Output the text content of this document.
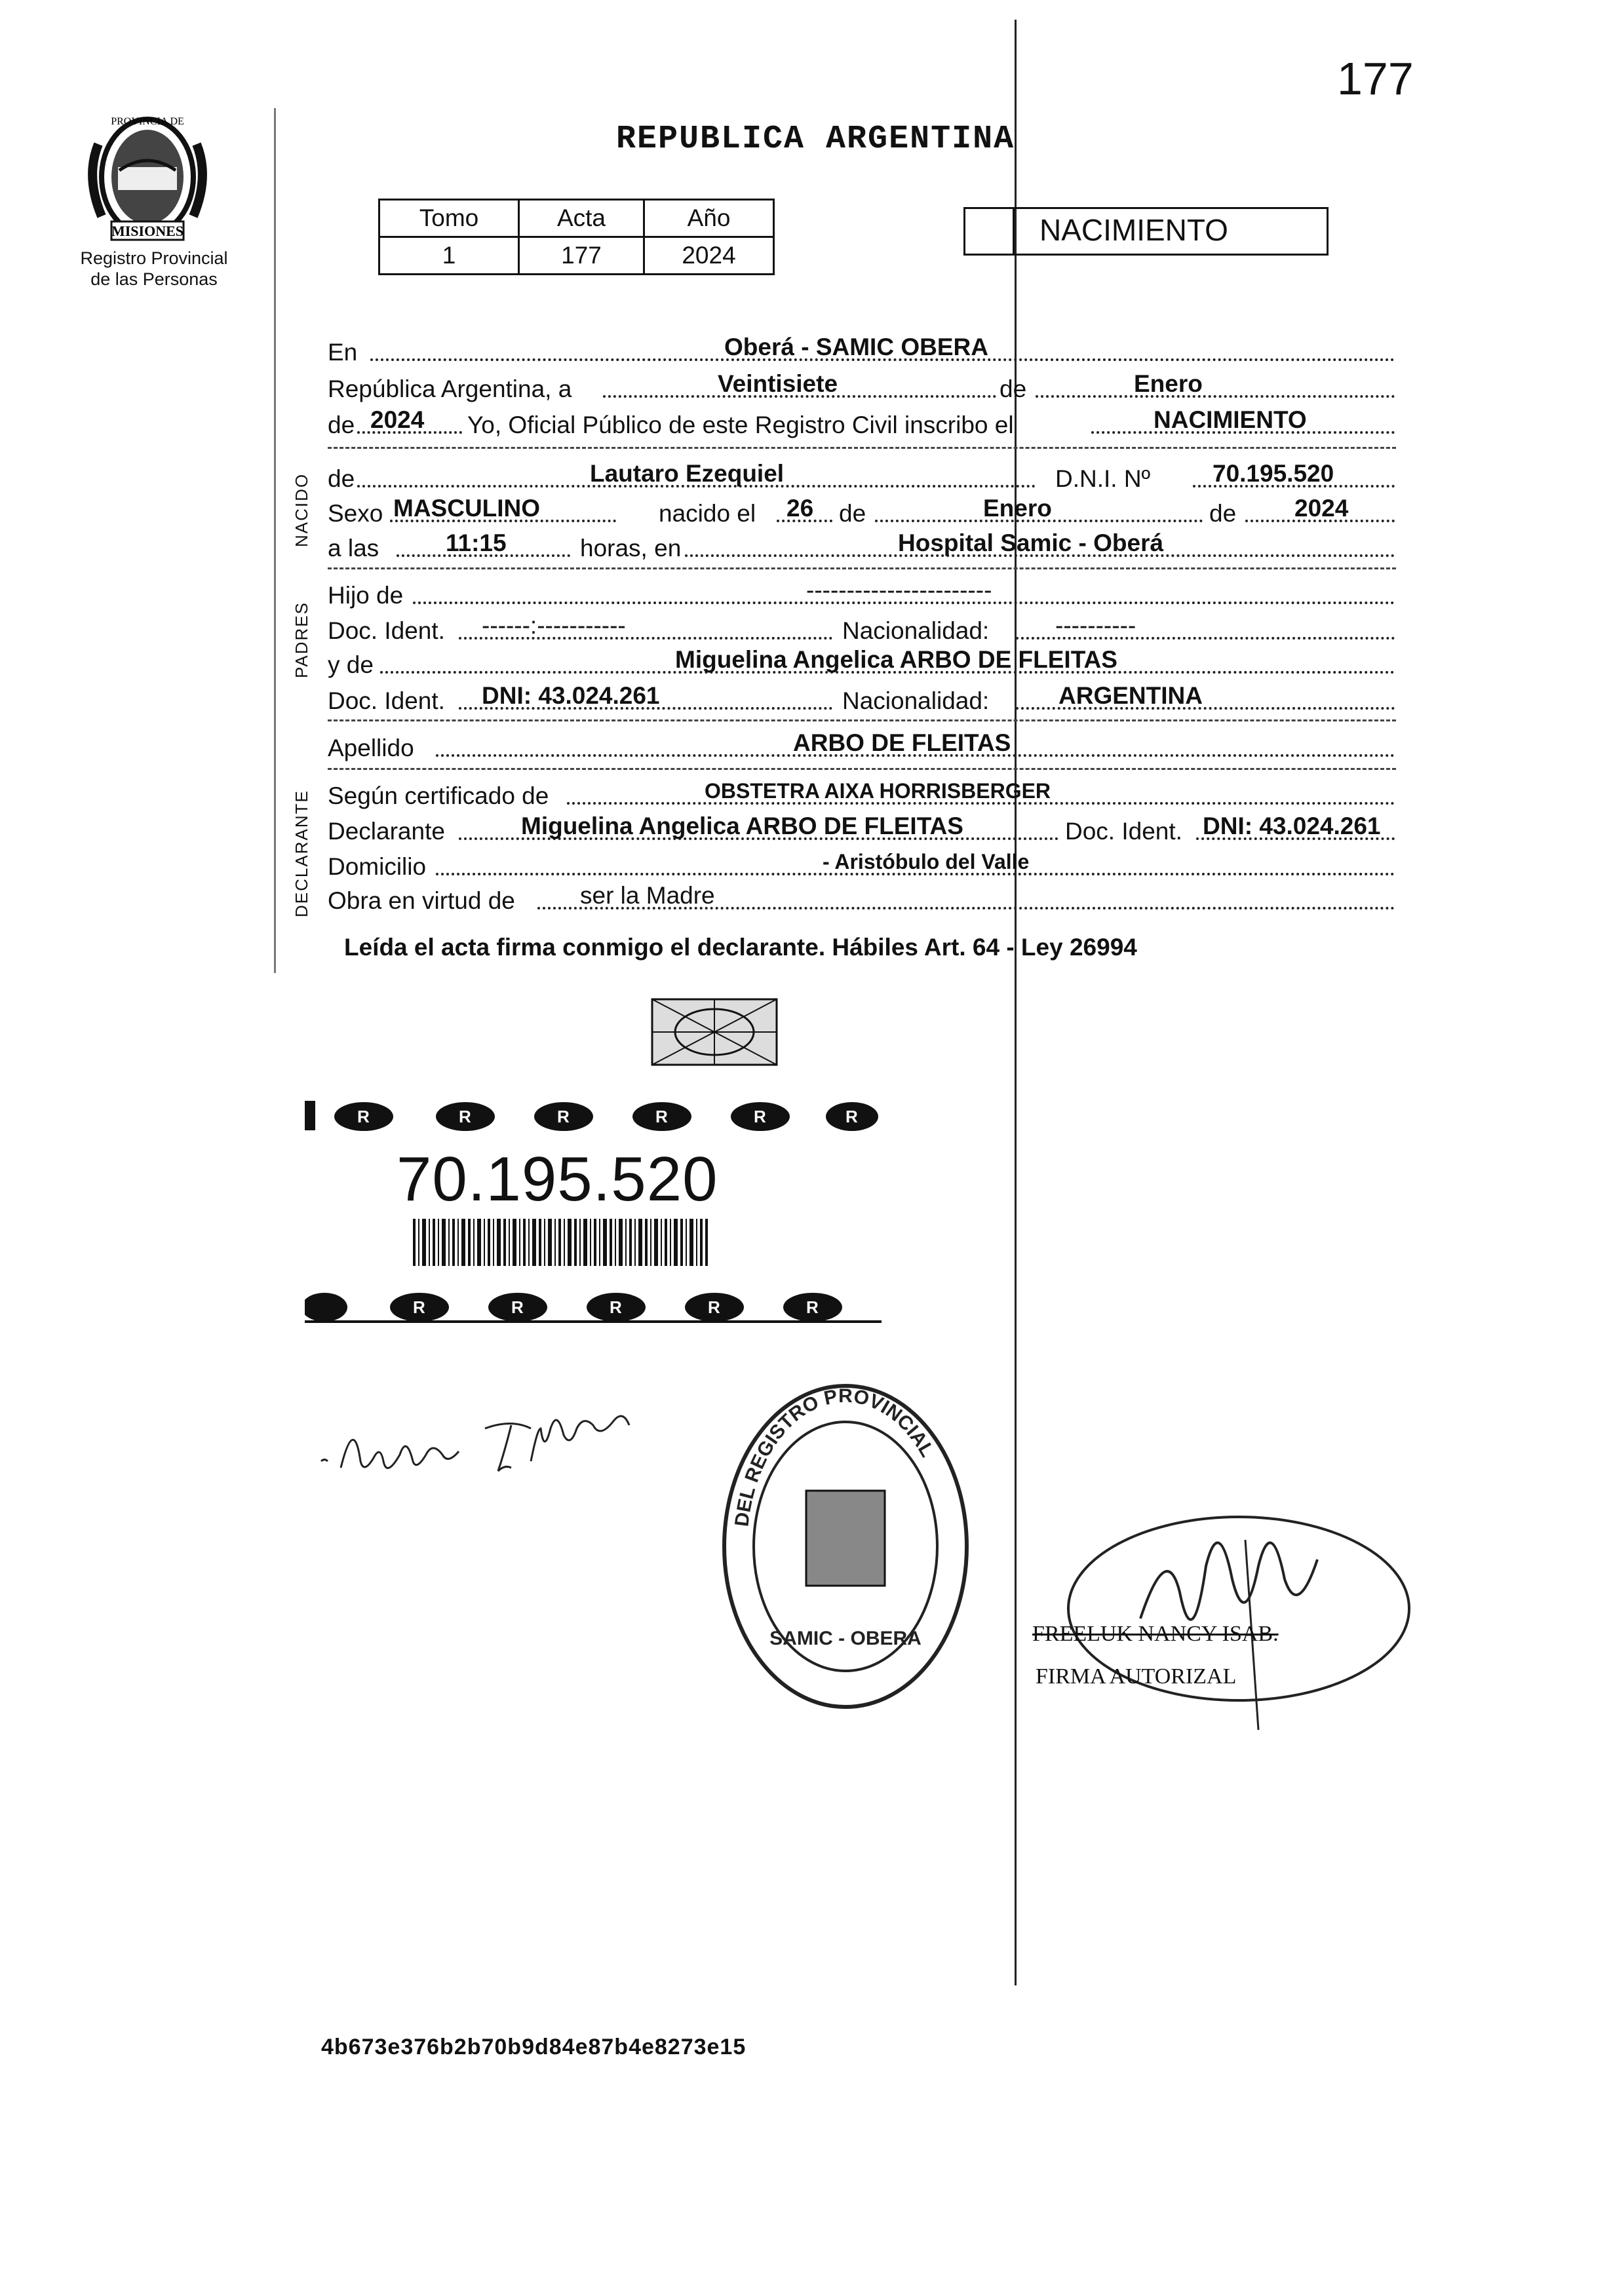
MISIONES
PROVINCIA DE
Registro Provincial
de las Personas
177
REPUBLICA ARGENTINA
Tomo	Acta	Año
1	177	2024
NACIMIENTO
En	Oberá - SAMIC OBERA
República Argentina, a	Veintisiete	de	Enero
de 2024 Yo, Oficial Público de este Registro Civil inscribo el	NACIMIENTO
NACIDO de	Lautaro Ezequiel	D.N.I. Nº	70.195.520
Sexo MASCULINO	nacido el 26 de	Enero	de 2024
a las	11:15	horas, en	Hospital Samic - Oberá
PADRES
Hijo de	-----------------------
Doc. Ident. ------:-----------	Nacionalidad:	----------
y de	Miguelina Angelica ARBO DE FLEITAS
Doc. Ident. DNI: 43.024.261	Nacionalidad:	ARGENTINA
Apellido	ARBO DE FLEITAS
DECLARANTE Según certificado de	OBSTETRA AIXA HORRISBERGER
Declarante	Miguelina Angelica ARBO DE FLEITAS	Doc. Ident. DNI: 43.024.261
Domicilio	- Aristóbulo del Valle
Obra en virtud de	ser la Madre
Leída el acta firma conmigo el declarante. Hábiles Art. 64 - Ley 26994
R	R	R	R	R	R
70.195.520
R	R	R	R	R
DEL REGISTRO PROVINCIAL
SAMIC - OBERA	FREELUK NANCY ISAB.
FIRMA AUTORIZAL
4b673e376b2b70b9d84e87b4e8273e15
